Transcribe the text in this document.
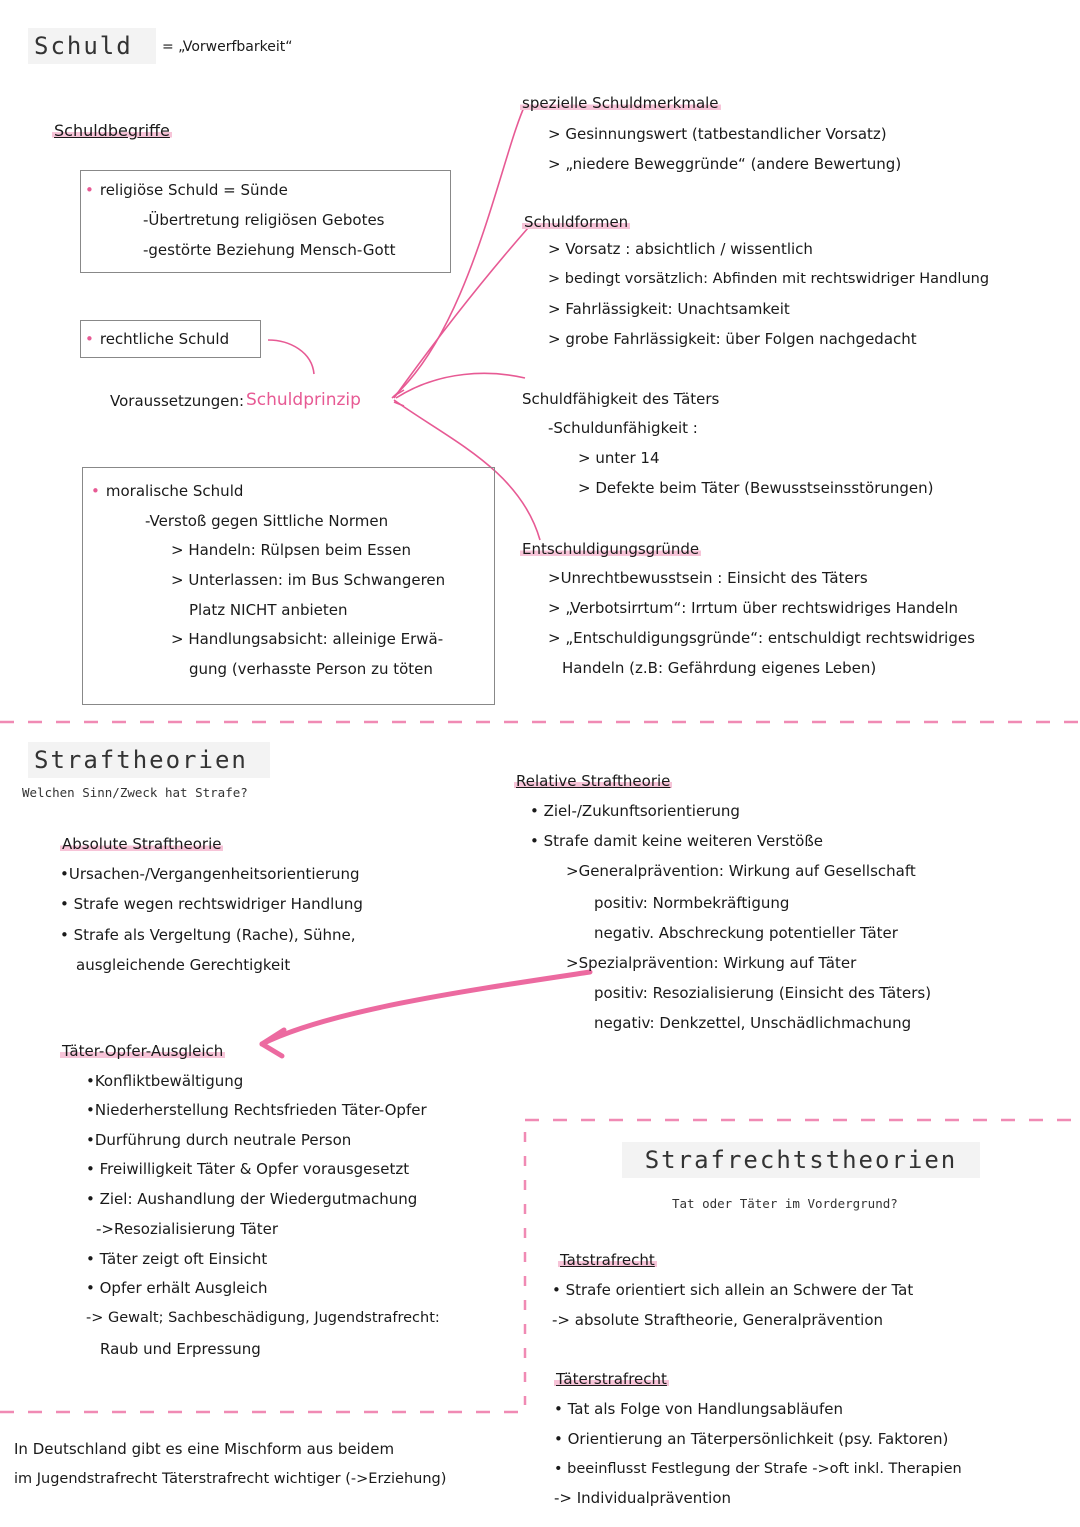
Schuld	= „Vorwerfbarkeit“
Schuldbegriffe
• religiöse Schuld = Sünde
-Übertretung religiösen Gebotes
-gestörte Beziehung Mensch-Gott
• rechtliche Schuld
Voraussetzungen: Schuldprinzip
• moralische Schuld
-Verstoß gegen Sittliche Normen
> Handeln: Rülpsen beim Essen
> Unterlassen: im Bus Schwangeren
Platz NICHT anbieten
> Handlungsabsicht: alleinige Erwä-
gung (verhasste Person zu töten
spezielle Schuldmerkmale
> Gesinnungswert (tatbestandlicher Vorsatz)
> „niedere Beweggründe“ (andere Bewertung)
Schuldformen
> Vorsatz : absichtlich / wissentlich
> bedingt vorsätzlich: Abfinden mit rechtswidriger Handlung
> Fahrlässigkeit: Unachtsamkeit
> grobe Fahrlässigkeit: über Folgen nachgedacht
Schuldfähigkeit des Täters
-Schuldunfähigkeit :
> unter 14
> Defekte beim Täter (Bewusstseinsstörungen)
Entschuldigungsgründe
>Unrechtbewusstsein : Einsicht des Täters
> „Verbotsirrtum“: Irrtum über rechtswidriges Handeln
> „Entschuldigungsgründe“: entschuldigt rechtswidriges
Handeln (z.B: Gefährdung eigenes Leben)
Straftheorien
Welchen Sinn/Zweck hat Strafe?
Absolute Straftheorie
•Ursachen-/Vergangenheitsorientierung
• Strafe wegen rechtswidriger Handlung
• Strafe als Vergeltung (Rache), Sühne,
ausgleichende Gerechtigkeit
Relative Straftheorie
• Ziel-/Zukunftsorientierung
• Strafe damit keine weiteren Verstöße
>Generalprävention: Wirkung auf Gesellschaft
positiv: Normbekräftigung
negativ. Abschreckung potentieller Täter
>Spezialprävention: Wirkung auf Täter
positiv: Resozialisierung (Einsicht des Täters)
negativ: Denkzettel, Unschädlichmachung
Täter-Opfer-Ausgleich
•Konfliktbewältigung
•Niederherstellung Rechtsfrieden Täter-Opfer
•Durführung durch neutrale Person
• Freiwilligkeit Täter & Opfer vorausgesetzt
• Ziel: Aushandlung der Wiedergutmachung
->Resozialisierung Täter
• Täter zeigt oft Einsicht
• Opfer erhält Ausgleich
-> Gewalt; Sachbeschädigung, Jugendstrafrecht:
Raub und Erpressung
In Deutschland gibt es eine Mischform aus beidem
im Jugendstrafrecht Täterstrafrecht wichtiger (->Erziehung)
Strafrechtstheorien
Tat oder Täter im Vordergrund?
Tatstrafrecht
• Strafe orientiert sich allein an Schwere der Tat
-> absolute Straftheorie, Generalprävention
Täterstrafrecht
• Tat als Folge von Handlungsabläufen
• Orientierung an Täterpersönlichkeit (psy. Faktoren)
• beeinflusst Festlegung der Strafe ->oft inkl. Therapien
-> Individualprävention
